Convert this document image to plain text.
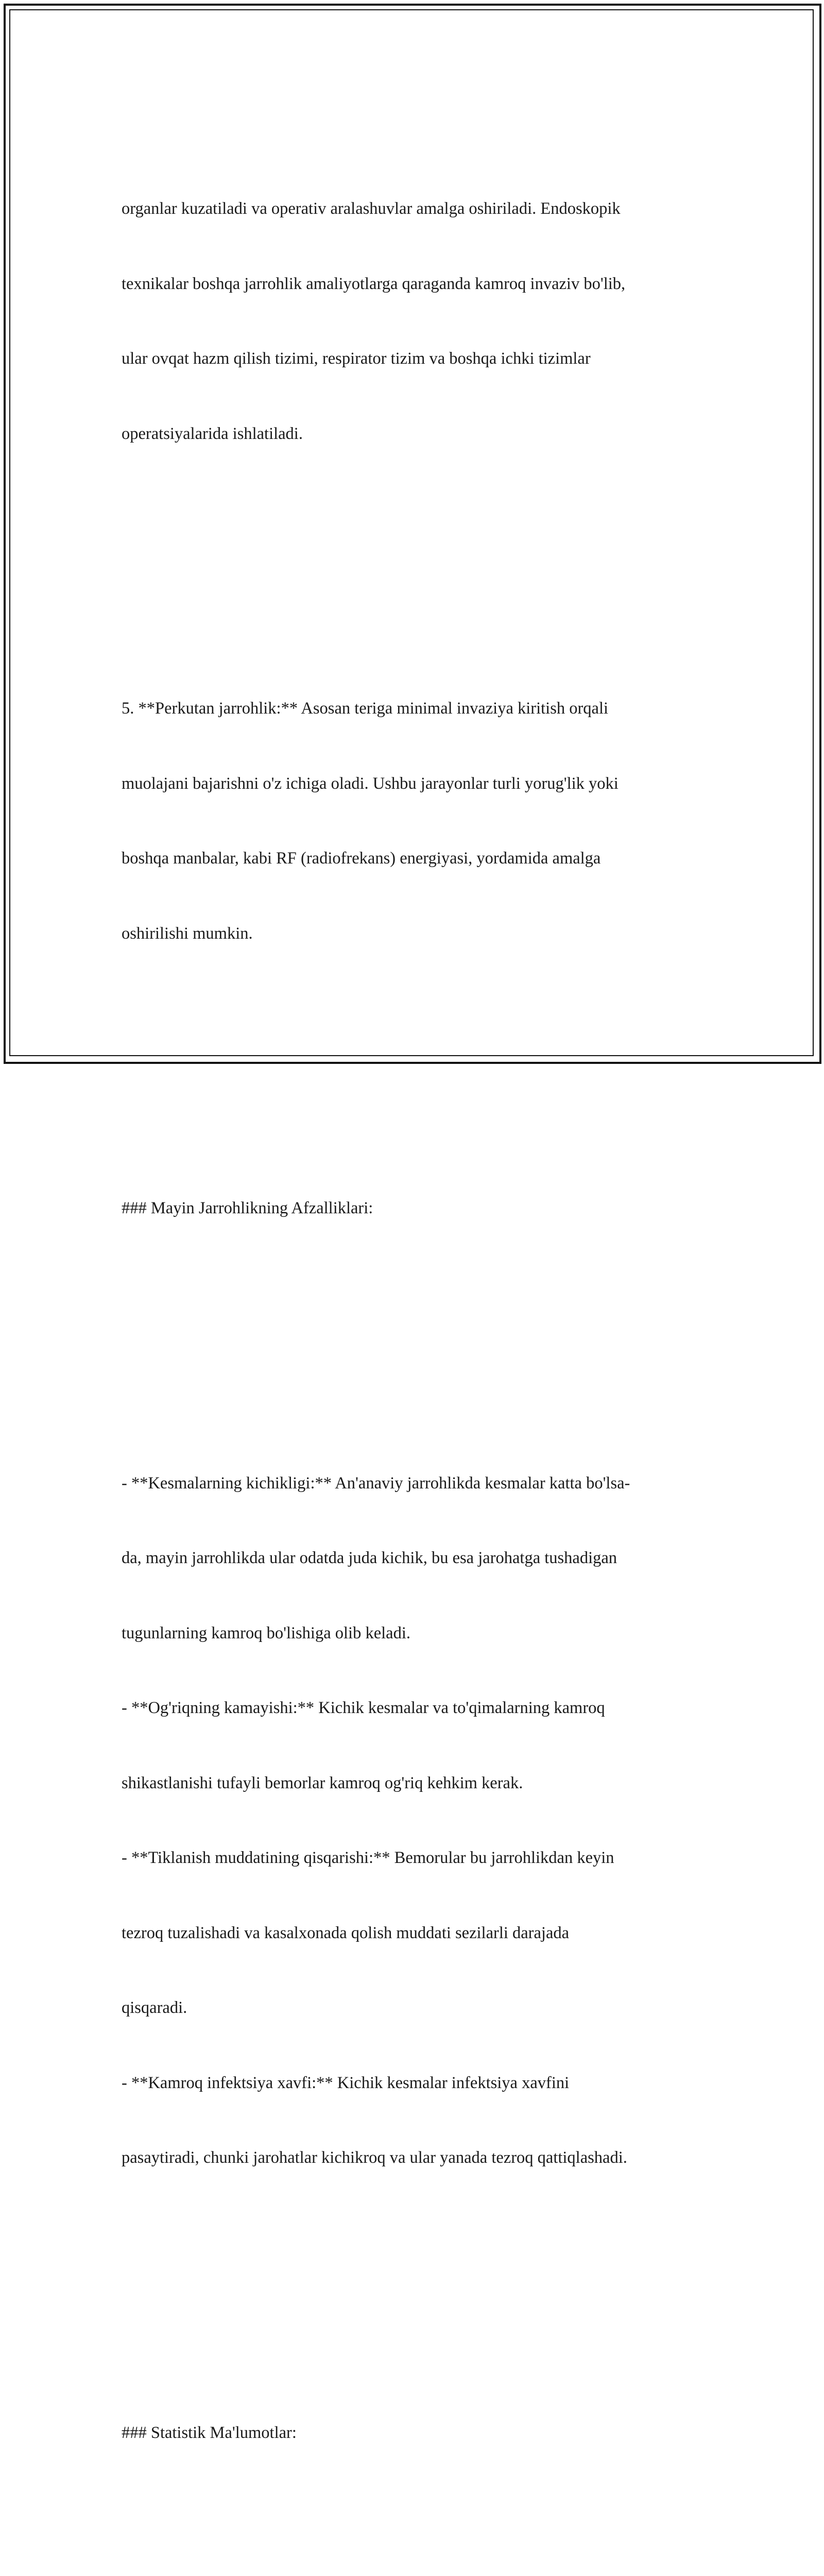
organlar kuzatiladi va operativ aralashuvlar amalga oshiriladi. Endoskopik

texnikalar boshqa jarrohlik amaliyotlarga qaraganda kamroq invaziv bo'lib,

ular ovqat hazm qilish tizimi, respirator tizim va boshqa ichki tizimlar

operatsiyalarida ishlatiladi.

5. **Perkutan jarrohlik:** Asosan teriga minimal invaziya kiritish orqali

muolajani bajarishni o'z ichiga oladi. Ushbu jarayonlar turli yorug'lik yoki

boshqa manbalar, kabi RF (radiofrekans) energiyasi, yordamida amalga

oshirilishi mumkin.

### Mayin Jarrohlikning Afzalliklari:

- **Kesmalarning kichikligi:** An'anaviy jarrohlikda kesmalar katta bo'lsa-

da, mayin jarrohlikda ular odatda juda kichik, bu esa jarohatga tushadigan

tugunlarning kamroq bo'lishiga olib keladi.

- **Og'riqning kamayishi:** Kichik kesmalar va to'qimalarning kamroq

shikastlanishi tufayli bemorlar kamroq og'riq kehkim kerak.

- **Tiklanish muddatining qisqarishi:** Bemorular bu jarrohlikdan keyin

tezroq tuzalishadi va kasalxonada qolish muddati sezilarli darajada

qisqaradi.

- **Kamroq infektsiya xavfi:** Kichik kesmalar infektsiya xavfini

pasaytiradi, chunki jarohatlar kichikroq va ular yanada tezroq qattiqlashadi.

### Statistik Ma'lumotlar:
